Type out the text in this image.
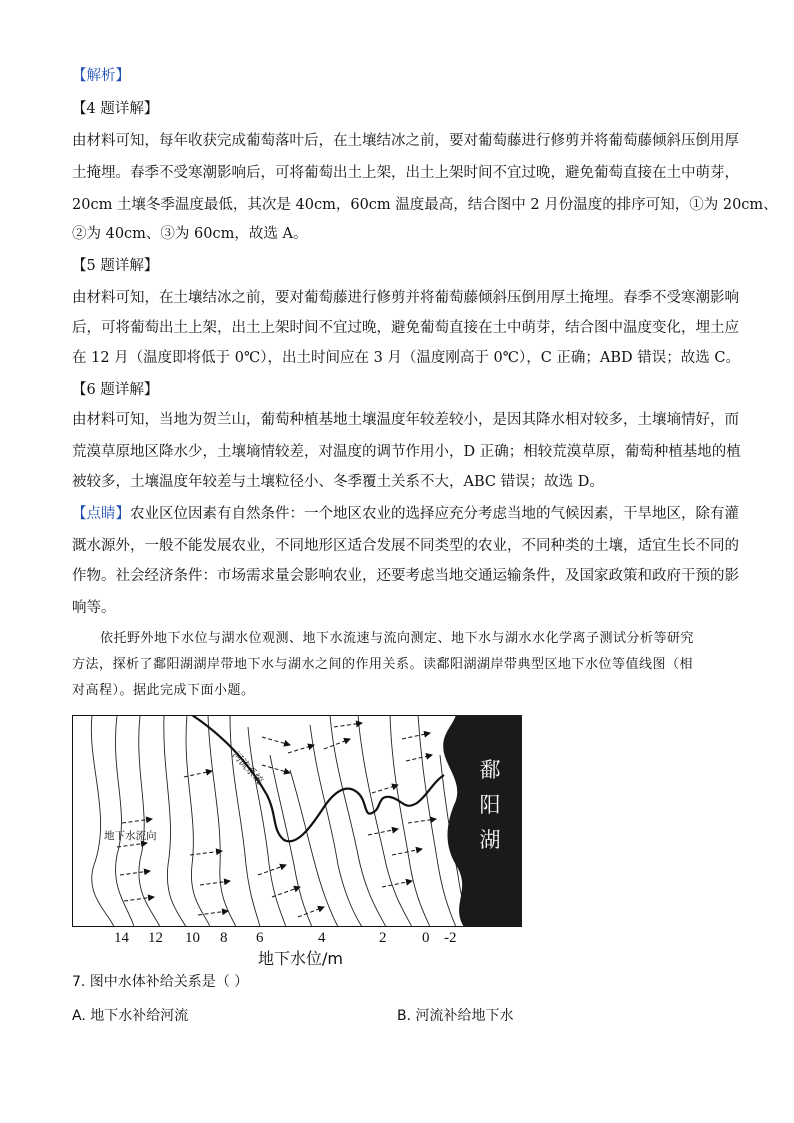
【解析】
【4 题详解】
由材料可知，每年收获完成葡萄落叶后，在土壤结冰之前，要对葡萄藤进行修剪并将葡萄藤倾斜压倒用厚
土掩埋。春季不受寒潮影响后，可将葡萄出土上架，出土上架时间不宜过晚，避免葡萄直接在土中萌芽，
20cm 土壤冬季温度最低，其次是 40cm，60cm 温度最高，结合图中 2 月份温度的排序可知，①为 20cm、
②为 40cm、③为 60cm，故选 A。
【5 题详解】
由材料可知，在土壤结冰之前，要对葡萄藤进行修剪并将葡萄藤倾斜压倒用厚土掩埋。春季不受寒潮影响
后，可将葡萄出土上架，出土上架时间不宜过晚，避免葡萄直接在土中萌芽，结合图中温度变化，埋土应
在 12 月（温度即将低于 0℃），出土时间应在 3 月（温度刚高于 0℃），C 正确；ABD 错误；故选 C。
【6 题详解】
由材料可知，当地为贺兰山，葡萄种植基地土壤温度年较差较小，是因其降水相对较多，土壤墒情好，而
荒漠草原地区降水少，土壤墒情较差，对温度的调节作用小，D 正确；相较荒漠草原，葡萄种植基地的植
被较多，土壤温度年较差与土壤粒径小、冬季覆土关系不大，ABC 错误；故选 D。
【点睛】农业区位因素有自然条件：一个地区农业的选择应充分考虑当地的气候因素，干旱地区，除有灌
溉水源外，一般不能发展农业，不同地形区适合发展不同类型的农业，不同种类的土壤，适宜生长不同的
作物。社会经济条件：市场需求量会影响农业，还要考虑当地交通运输条件，及国家政策和政府干预的影
响等。
依托野外地下水位与湖水位观测、地下水流速与流向测定、地下水与湖水水化学离子测试分析等研究
方法，探析了鄱阳湖湖岸带地下水与湖水之间的作用关系。读鄱阳湖湖岸带典型区地下水位等值线图（相
对高程）。据此完成下面小题。
鄱
阳
湖
河流系统
地下水流向
14 12 10 8 6	4	2 0 -2
地下水位/m
7. 图中水体补给关系是（ ）
A. 地下水补给河流	B. 河流补给地下水
